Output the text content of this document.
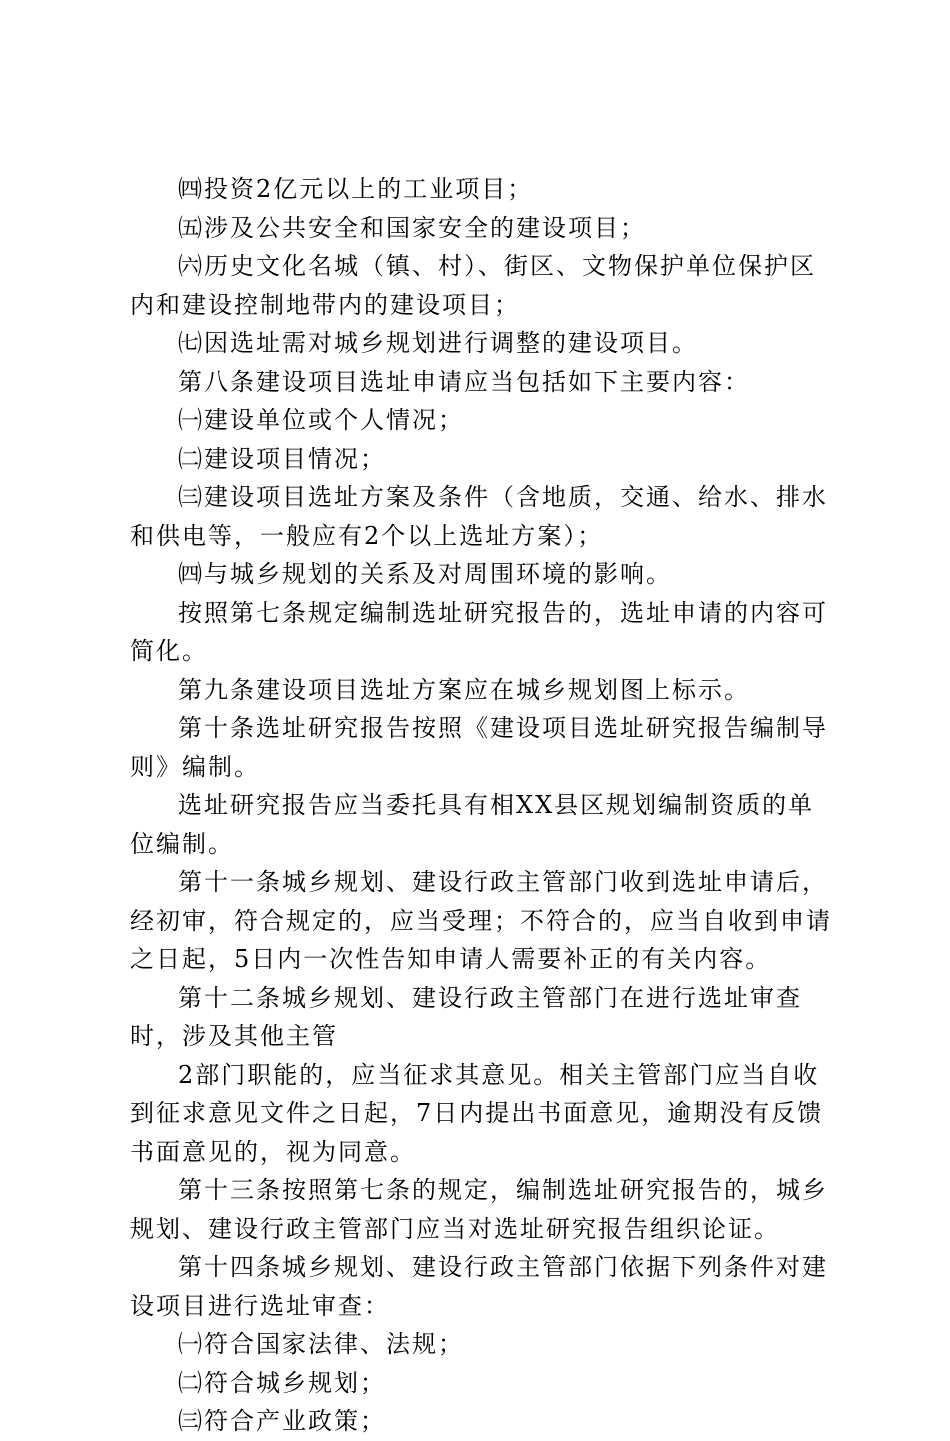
㈣投资2亿元以上的工业项目；

㈤涉及公共安全和国家安全的建设项目；

㈥历史文化名城（镇、村）、街区、文物保护单位保护区内和建设控制地带内的建设项目；

㈦因选址需对城乡规划进行调整的建设项目。

第八条建设项目选址申请应当包括如下主要内容：

㈠建设单位或个人情况；

㈡建设项目情况；

㈢建设项目选址方案及条件（含地质，交通、给水、排水和供电等，一般应有2个以上选址方案）；

㈣与城乡规划的关系及对周围环境的影响。

按照第七条规定编制选址研究报告的，选址申请的内容可简化。

第九条建设项目选址方案应在城乡规划图上标示。

第十条选址研究报告按照《建设项目选址研究报告编制导则》编制。

选址研究报告应当委托具有相XX县区规划编制资质的单位编制。

第十一条城乡规划、建设行政主管部门收到选址申请后，经初审，符合规定的，应当受理；不符合的，应当自收到申请之日起，5日内一次性告知申请人需要补正的有关内容。

第十二条城乡规划、建设行政主管部门在进行选址审查时，涉及其他主管

2部门职能的，应当征求其意见。相关主管部门应当自收到征求意见文件之日起，7日内提出书面意见，逾期没有反馈书面意见的，视为同意。

第十三条按照第七条的规定，编制选址研究报告的，城乡规划、建设行政主管部门应当对选址研究报告组织论证。

第十四条城乡规划、建设行政主管部门依据下列条件对建设项目进行选址审查：

㈠符合国家法律、法规；

㈡符合城乡规划；

㈢符合产业政策；
